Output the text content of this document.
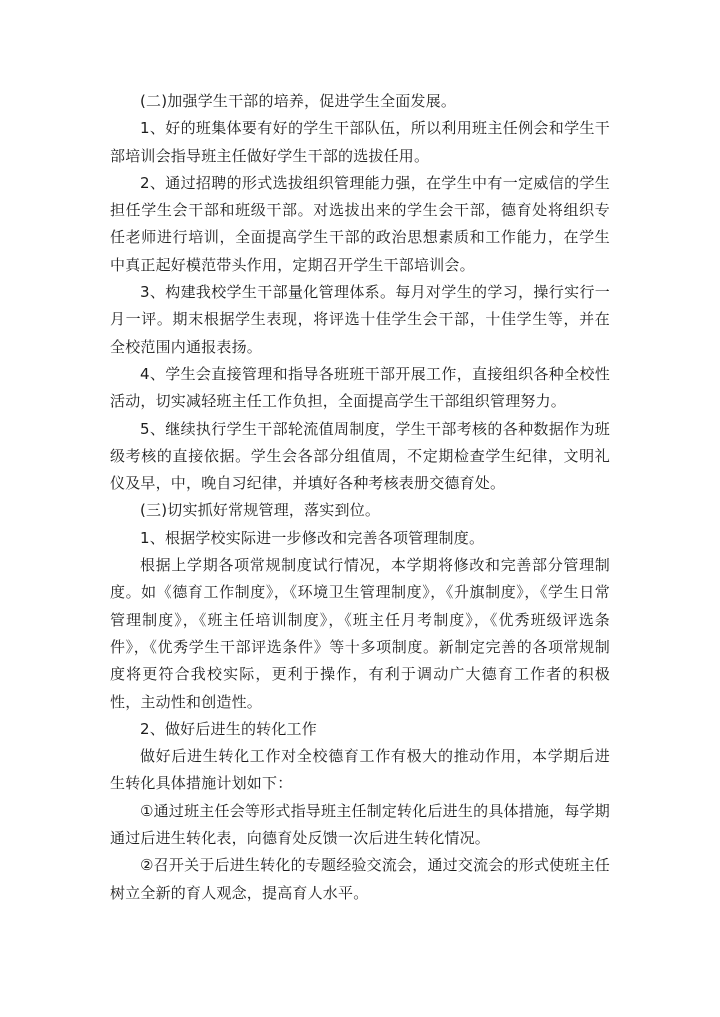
(二)加强学生干部的培养，促进学生全面发展。

1、好的班集体要有好的学生干部队伍，所以利用班主任例会和学生干部培训会指导班主任做好学生干部的选拔任用。

2、通过招聘的形式选拔组织管理能力强，在学生中有一定威信的学生担任学生会干部和班级干部。对选拔出来的学生会干部，德育处将组织专任老师进行培训，全面提高学生干部的政治思想素质和工作能力，在学生中真正起好模范带头作用，定期召开学生干部培训会。

3、构建我校学生干部量化管理体系。每月对学生的学习，操行实行一月一评。期末根据学生表现，将评选十佳学生会干部，十佳学生等，并在全校范围内通报表扬。

4、学生会直接管理和指导各班班干部开展工作，直接组织各种全校性活动，切实减轻班主任工作负担，全面提高学生干部组织管理努力。

5、继续执行学生干部轮流值周制度，学生干部考核的各种数据作为班级考核的直接依据。学生会各部分组值周，不定期检查学生纪律，文明礼仪及早，中，晚自习纪律，并填好各种考核表册交德育处。

(三)切实抓好常规管理，落实到位。

1、根据学校实际进一步修改和完善各项管理制度。

根据上学期各项常规制度试行情况，本学期将修改和完善部分管理制度。如《德育工作制度》，《环境卫生管理制度》，《升旗制度》，《学生日常管理制度》，《班主任培训制度》，《班主任月考制度》，《优秀班级评选条件》，《优秀学生干部评选条件》等十多项制度。新制定完善的各项常规制度将更符合我校实际，更利于操作，有利于调动广大德育工作者的积极性，主动性和创造性。

2、做好后进生的转化工作

做好后进生转化工作对全校德育工作有极大的推动作用，本学期后进生转化具体措施计划如下：

①通过班主任会等形式指导班主任制定转化后进生的具体措施，每学期通过后进生转化表，向德育处反馈一次后进生转化情况。

②召开关于后进生转化的专题经验交流会，通过交流会的形式使班主任树立全新的育人观念，提高育人水平。
